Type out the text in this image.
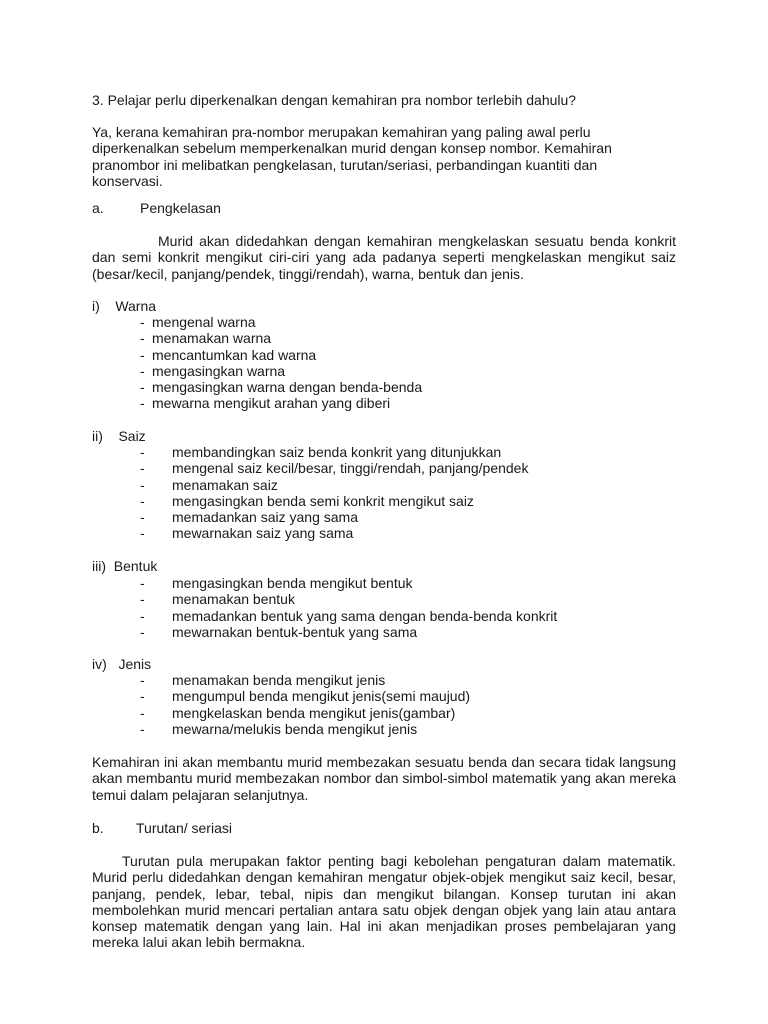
3. Pelajar perlu diperkenalkan dengan kemahiran pra nombor terlebih dahulu?

Ya, kerana kemahiran pra-nombor merupakan kemahiran yang paling awal perlu
diperkenalkan sebelum memperkenalkan murid dengan konsep nombor. Kemahiran
pranombor ini melibatkan pengkelasan, turutan/seriasi, perbandingan kuantiti dan
konservasi.
a.	Pengkelasan

Murid akan didedahkan dengan kemahiran mengkelaskan sesuatu benda konkrit dan semi konkrit mengikut ciri-ciri yang ada padanya seperti mengkelaskan mengikut saiz (besar/kecil, panjang/pendek, tinggi/rendah), warna, bentuk dan jenis.

i)    Warna
- mengenal warna
- menamakan warna
- mencantumkan kad warna
- mengasingkan warna
- mengasingkan warna dengan benda-benda
- mewarna mengikut arahan yang diberi
ii)    Saiz
- membandingkan saiz benda konkrit yang ditunjukkan
- mengenal saiz kecil/besar, tinggi/rendah, panjang/pendek
- menamakan saiz
- mengasingkan benda semi konkrit mengikut saiz
- memadankan saiz yang sama
- mewarnakan saiz yang sama
iii)  Bentuk
- mengasingkan benda mengikut bentuk
- menamakan bentuk
- memadankan bentuk yang sama dengan benda-benda konkrit
- mewarnakan bentuk-bentuk yang sama
iv)   Jenis
- menamakan benda mengikut jenis
- mengumpul benda mengikut jenis(semi maujud)
- mengkelaskan benda mengikut jenis(gambar)
- mewarna/melukis benda mengikut jenis

Kemahiran ini akan membantu murid membezakan sesuatu benda dan secara tidak langsung akan membantu murid membezakan nombor dan simbol-simbol matematik yang akan mereka temui dalam pelajaran selanjutnya.

b. Turutan/ seriasi

Turutan pula merupakan faktor penting bagi kebolehan pengaturan dalam matematik. Murid perlu didedahkan dengan kemahiran mengatur objek-objek mengikut saiz kecil, besar, panjang, pendek, lebar, tebal, nipis dan mengikut bilangan. Konsep turutan ini akan membolehkan murid mencari pertalian antara satu objek dengan objek yang lain atau antara konsep matematik dengan yang lain. Hal ini akan menjadikan proses pembelajaran yang mereka lalui akan lebih bermakna.
